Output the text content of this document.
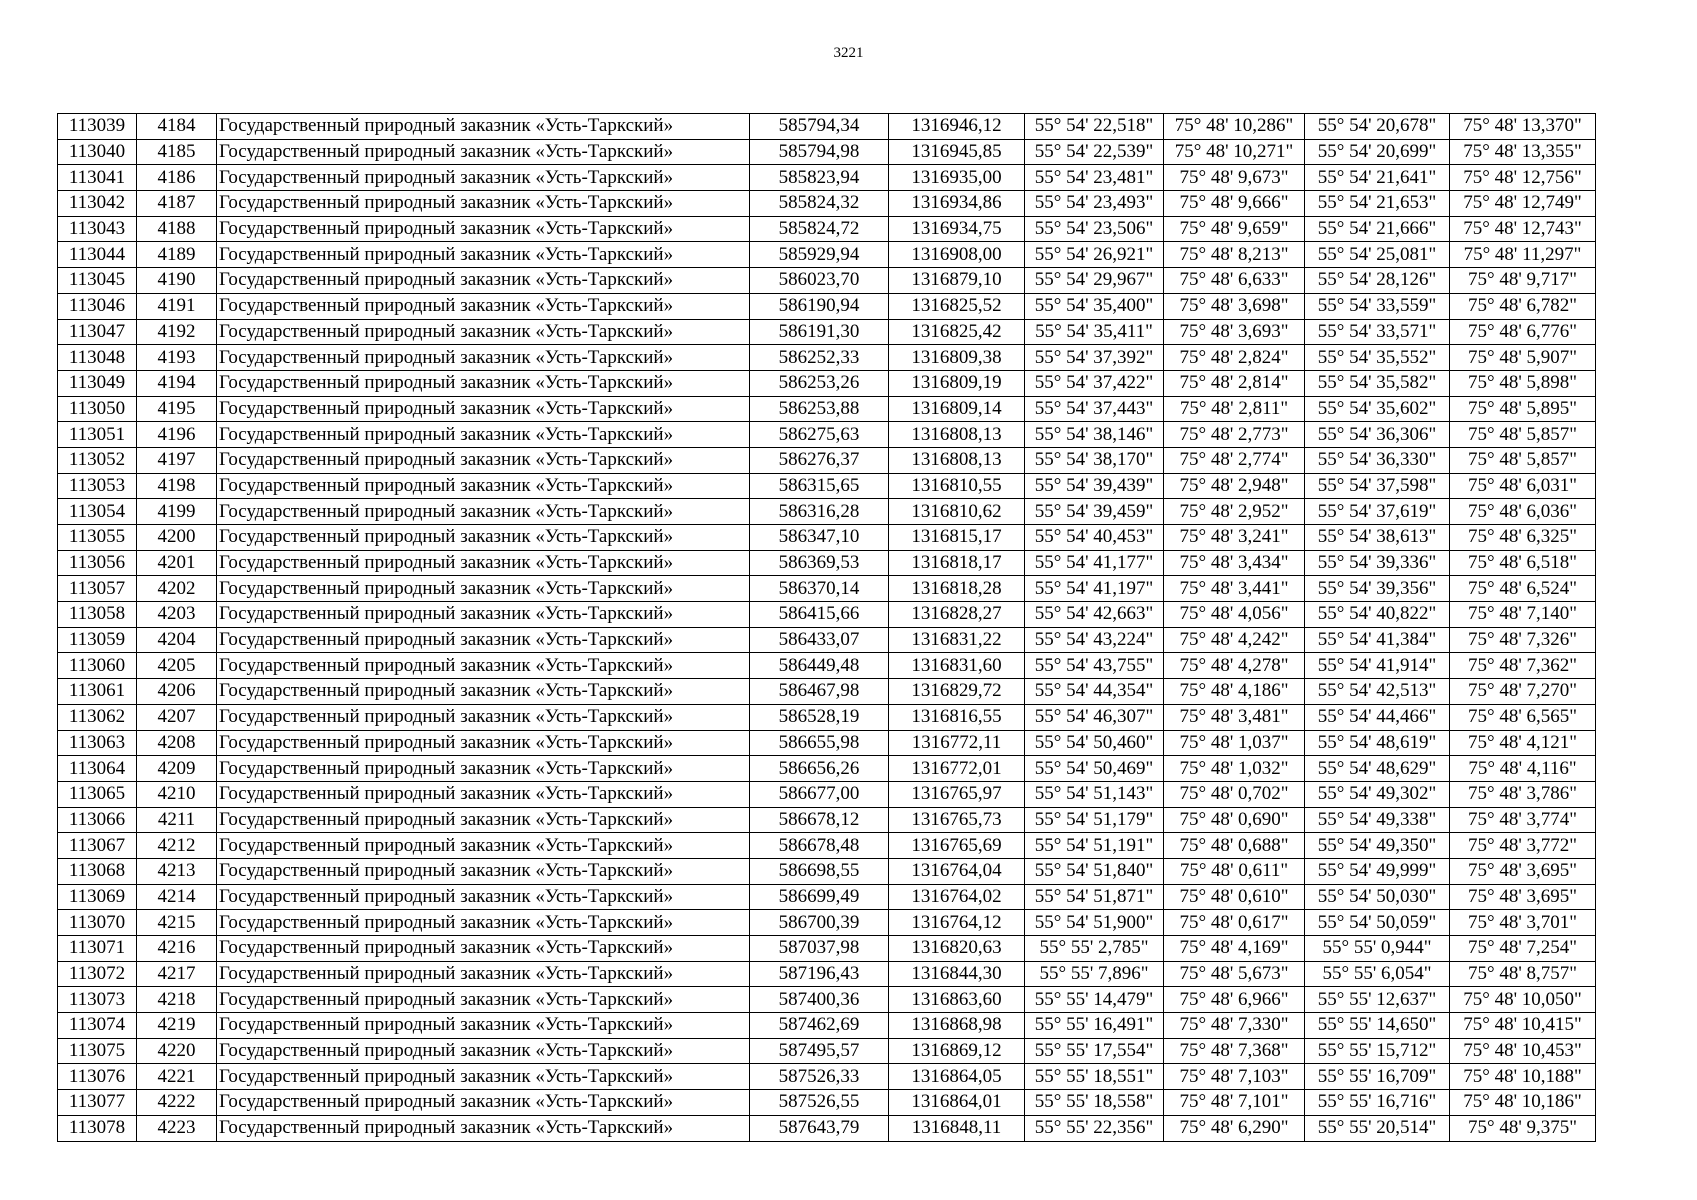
3221
113039	4184	Государственный природный заказник «Усть-Таркский»	585794,34	1316946,12	55° 54' 22,518"	75° 48' 10,286"	55° 54' 20,678"	75° 48' 13,370"
113040	4185	Государственный природный заказник «Усть-Таркский»	585794,98	1316945,85	55° 54' 22,539"	75° 48' 10,271"	55° 54' 20,699"	75° 48' 13,355"
113041	4186	Государственный природный заказник «Усть-Таркский»	585823,94	1316935,00	55° 54' 23,481"	75° 48' 9,673"	55° 54' 21,641"	75° 48' 12,756"
113042	4187	Государственный природный заказник «Усть-Таркский»	585824,32	1316934,86	55° 54' 23,493"	75° 48' 9,666"	55° 54' 21,653"	75° 48' 12,749"
113043	4188	Государственный природный заказник «Усть-Таркский»	585824,72	1316934,75	55° 54' 23,506"	75° 48' 9,659"	55° 54' 21,666"	75° 48' 12,743"
113044	4189	Государственный природный заказник «Усть-Таркский»	585929,94	1316908,00	55° 54' 26,921"	75° 48' 8,213"	55° 54' 25,081"	75° 48' 11,297"
113045	4190	Государственный природный заказник «Усть-Таркский»	586023,70	1316879,10	55° 54' 29,967"	75° 48' 6,633"	55° 54' 28,126"	75° 48' 9,717"
113046	4191	Государственный природный заказник «Усть-Таркский»	586190,94	1316825,52	55° 54' 35,400"	75° 48' 3,698"	55° 54' 33,559"	75° 48' 6,782"
113047	4192	Государственный природный заказник «Усть-Таркский»	586191,30	1316825,42	55° 54' 35,411"	75° 48' 3,693"	55° 54' 33,571"	75° 48' 6,776"
113048	4193	Государственный природный заказник «Усть-Таркский»	586252,33	1316809,38	55° 54' 37,392"	75° 48' 2,824"	55° 54' 35,552"	75° 48' 5,907"
113049	4194	Государственный природный заказник «Усть-Таркский»	586253,26	1316809,19	55° 54' 37,422"	75° 48' 2,814"	55° 54' 35,582"	75° 48' 5,898"
113050	4195	Государственный природный заказник «Усть-Таркский»	586253,88	1316809,14	55° 54' 37,443"	75° 48' 2,811"	55° 54' 35,602"	75° 48' 5,895"
113051	4196	Государственный природный заказник «Усть-Таркский»	586275,63	1316808,13	55° 54' 38,146"	75° 48' 2,773"	55° 54' 36,306"	75° 48' 5,857"
113052	4197	Государственный природный заказник «Усть-Таркский»	586276,37	1316808,13	55° 54' 38,170"	75° 48' 2,774"	55° 54' 36,330"	75° 48' 5,857"
113053	4198	Государственный природный заказник «Усть-Таркский»	586315,65	1316810,55	55° 54' 39,439"	75° 48' 2,948"	55° 54' 37,598"	75° 48' 6,031"
113054	4199	Государственный природный заказник «Усть-Таркский»	586316,28	1316810,62	55° 54' 39,459"	75° 48' 2,952"	55° 54' 37,619"	75° 48' 6,036"
113055	4200	Государственный природный заказник «Усть-Таркский»	586347,10	1316815,17	55° 54' 40,453"	75° 48' 3,241"	55° 54' 38,613"	75° 48' 6,325"
113056	4201	Государственный природный заказник «Усть-Таркский»	586369,53	1316818,17	55° 54' 41,177"	75° 48' 3,434"	55° 54' 39,336"	75° 48' 6,518"
113057	4202	Государственный природный заказник «Усть-Таркский»	586370,14	1316818,28	55° 54' 41,197"	75° 48' 3,441"	55° 54' 39,356"	75° 48' 6,524"
113058	4203	Государственный природный заказник «Усть-Таркский»	586415,66	1316828,27	55° 54' 42,663"	75° 48' 4,056"	55° 54' 40,822"	75° 48' 7,140"
113059	4204	Государственный природный заказник «Усть-Таркский»	586433,07	1316831,22	55° 54' 43,224"	75° 48' 4,242"	55° 54' 41,384"	75° 48' 7,326"
113060	4205	Государственный природный заказник «Усть-Таркский»	586449,48	1316831,60	55° 54' 43,755"	75° 48' 4,278"	55° 54' 41,914"	75° 48' 7,362"
113061	4206	Государственный природный заказник «Усть-Таркский»	586467,98	1316829,72	55° 54' 44,354"	75° 48' 4,186"	55° 54' 42,513"	75° 48' 7,270"
113062	4207	Государственный природный заказник «Усть-Таркский»	586528,19	1316816,55	55° 54' 46,307"	75° 48' 3,481"	55° 54' 44,466"	75° 48' 6,565"
113063	4208	Государственный природный заказник «Усть-Таркский»	586655,98	1316772,11	55° 54' 50,460"	75° 48' 1,037"	55° 54' 48,619"	75° 48' 4,121"
113064	4209	Государственный природный заказник «Усть-Таркский»	586656,26	1316772,01	55° 54' 50,469"	75° 48' 1,032"	55° 54' 48,629"	75° 48' 4,116"
113065	4210	Государственный природный заказник «Усть-Таркский»	586677,00	1316765,97	55° 54' 51,143"	75° 48' 0,702"	55° 54' 49,302"	75° 48' 3,786"
113066	4211	Государственный природный заказник «Усть-Таркский»	586678,12	1316765,73	55° 54' 51,179"	75° 48' 0,690"	55° 54' 49,338"	75° 48' 3,774"
113067	4212	Государственный природный заказник «Усть-Таркский»	586678,48	1316765,69	55° 54' 51,191"	75° 48' 0,688"	55° 54' 49,350"	75° 48' 3,772"
113068	4213	Государственный природный заказник «Усть-Таркский»	586698,55	1316764,04	55° 54' 51,840"	75° 48' 0,611"	55° 54' 49,999"	75° 48' 3,695"
113069	4214	Государственный природный заказник «Усть-Таркский»	586699,49	1316764,02	55° 54' 51,871"	75° 48' 0,610"	55° 54' 50,030"	75° 48' 3,695"
113070	4215	Государственный природный заказник «Усть-Таркский»	586700,39	1316764,12	55° 54' 51,900"	75° 48' 0,617"	55° 54' 50,059"	75° 48' 3,701"
113071	4216	Государственный природный заказник «Усть-Таркский»	587037,98	1316820,63	55° 55' 2,785"	75° 48' 4,169"	55° 55' 0,944"	75° 48' 7,254"
113072	4217	Государственный природный заказник «Усть-Таркский»	587196,43	1316844,30	55° 55' 7,896"	75° 48' 5,673"	55° 55' 6,054"	75° 48' 8,757"
113073	4218	Государственный природный заказник «Усть-Таркский»	587400,36	1316863,60	55° 55' 14,479"	75° 48' 6,966"	55° 55' 12,637"	75° 48' 10,050"
113074	4219	Государственный природный заказник «Усть-Таркский»	587462,69	1316868,98	55° 55' 16,491"	75° 48' 7,330"	55° 55' 14,650"	75° 48' 10,415"
113075	4220	Государственный природный заказник «Усть-Таркский»	587495,57	1316869,12	55° 55' 17,554"	75° 48' 7,368"	55° 55' 15,712"	75° 48' 10,453"
113076	4221	Государственный природный заказник «Усть-Таркский»	587526,33	1316864,05	55° 55' 18,551"	75° 48' 7,103"	55° 55' 16,709"	75° 48' 10,188"
113077	4222	Государственный природный заказник «Усть-Таркский»	587526,55	1316864,01	55° 55' 18,558"	75° 48' 7,101"	55° 55' 16,716"	75° 48' 10,186"
113078	4223	Государственный природный заказник «Усть-Таркский»	587643,79	1316848,11	55° 55' 22,356"	75° 48' 6,290"	55° 55' 20,514"	75° 48' 9,375"
